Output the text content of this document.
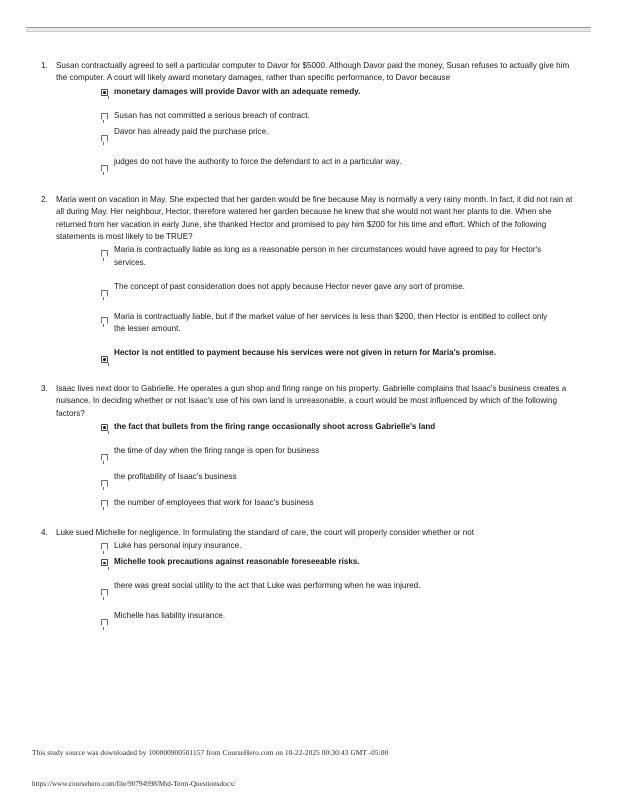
1.	Susan contractually agreed to sell a particular computer to Davor for $5000. Although Davor paid the money, Susan refuses to actually give him the computer. A court will likely award monetary damages, rather than specific performance, to Davor because
monetary damages will provide Davor with an adequate remedy.
Susan has not committed a serious breach of contract.
Davor has already paid the purchase price.
judges do not have the authority to force the defendant to act in a particular way.
2.	Maria went on vacation in May. She expected that her garden would be fine because May is normally a very rainy month. In fact, it did not rain at all during May. Her neighbour, Hector, therefore watered her garden because he knew that she would not want her plants to die. When she returned from her vacation in early June, she thanked Hector and promised to pay him $200 for his time and effort. Which of the following statements is most likely to be TRUE?
Maria is contractually liable as long as a reasonable person in her circumstances would have agreed to pay for Hector's services.
The concept of past consideration does not apply because Hector never gave any sort of promise.
Maria is contractually liable, but if the market value of her services is less than $200, then Hector is entitled to collect only the lesser amount.
Hector is not entitled to payment because his services were not given in return for Maria's promise.
3.	Isaac lives next door to Gabrielle. He operates a gun shop and firing range on his property. Gabrielle complains that Isaac's business creates a nuisance. In deciding whether or not Isaac's use of his own land is unreasonable, a court would be most influenced by which of the following factors?
the fact that bullets from the firing range occasionally shoot across Gabrielle's land
the time of day when the firing range is open for business
the profitability of Isaac's business
the number of employees that work for Isaac's business
4.	Luke sued Michelle for negligence. In formulating the standard of care, the court will properly consider whether or not
Luke has personal injury insurance.
Michelle took precautions against reasonable foreseeable risks.
there was great social utility to the act that Luke was performing when he was injured.
Michelle has liability insurance.
This study source was downloaded by 100000900501157 from CourseHero.com on 10-22-2025 00:30:43 GMT -05:00
https://www.coursehero.com/file/90794998/Mid-Term-Questionsdocx/
